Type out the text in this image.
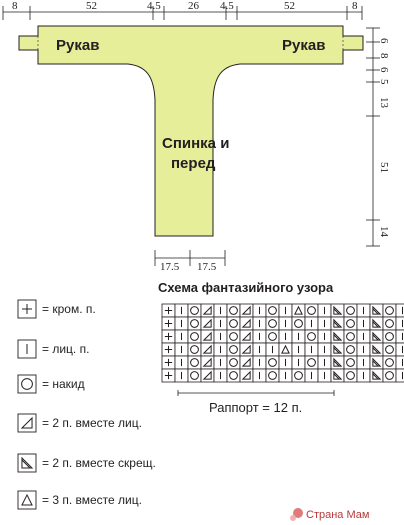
Рукав	Рукав
Спинка и
перед
8	52	4.5 26 4.5	52	8
6
8
6
5
13
51
14
17.5 17.5
Схема фантазийного узора
Раппорт = 12 п.
= кром. п.
= лиц. п.
= накид
= 2 п. вместе лиц.
= 2 п. вместе скрещ.
= 3 п. вместе лиц.
Страна Мам
